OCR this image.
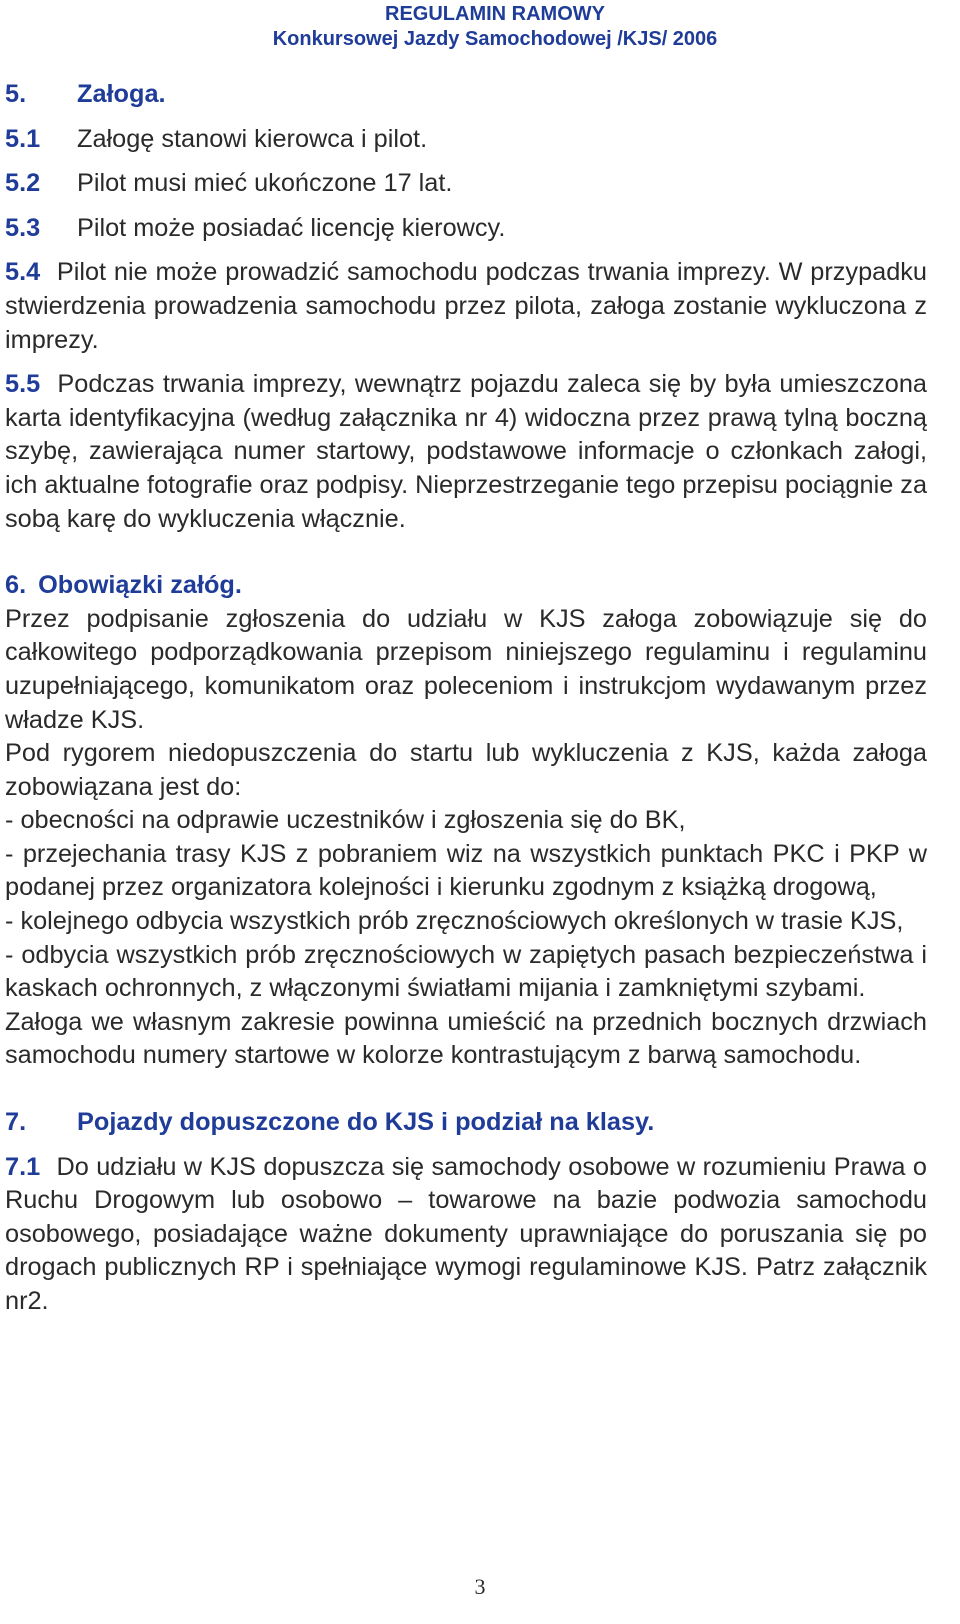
REGULAMIN RAMOWY
Konkursowej Jazdy Samochodowej /KJS/ 2006
5.	Załoga.
5.1	Załogę stanowi kierowca i pilot.
5.2	Pilot musi mieć ukończone 17 lat.
5.3	Pilot może posiadać licencję kierowcy.

5.4 Pilot nie może prowadzić samochodu podczas trwania imprezy. W przypadku stwierdzenia prowadzenia samochodu przez pilota, załoga zostanie wykluczona z imprezy.

5.5 Podczas trwania imprezy, wewnątrz pojazdu zaleca się by była umieszczona karta identyfikacyjna (według załącznika nr 4) widoczna przez prawą tylną boczną szybę, zawierająca numer startowy, podstawowe informacje o członkach załogi, ich aktualne fotografie oraz podpisy. Nieprzestrzeganie tego przepisu pociągnie za sobą karę do wykluczenia włącznie.

6. Obowiązki załóg.

Przez podpisanie zgłoszenia do udziału w KJS załoga zobowiązuje się do całkowitego podporządkowania przepisom niniejszego regulaminu i regulaminu uzupełniającego, komunikatom oraz poleceniom i instrukcjom wydawanym przez władze KJS.

Pod rygorem niedopuszczenia do startu lub wykluczenia z KJS, każda załoga zobowiązana jest do:

- obecności na odprawie uczestników i zgłoszenia się do BK,

- przejechania trasy KJS z pobraniem wiz na wszystkich punktach PKC i PKP w podanej przez organizatora kolejności i kierunku zgodnym z książką drogową,

- kolejnego odbycia wszystkich prób zręcznościowych określonych w trasie KJS,

- odbycia wszystkich prób zręcznościowych w zapiętych pasach bezpieczeństwa i kaskach ochronnych, z włączonymi światłami mijania i zamkniętymi szybami.

Załoga we własnym zakresie powinna umieścić na przednich bocznych drzwiach samochodu numery startowe w kolorze kontrastującym z barwą samochodu.

7.	Pojazdy dopuszczone do KJS i podział na klasy.

7.1 Do udziału w KJS dopuszcza się samochody osobowe w rozumieniu Prawa o Ruchu Drogowym lub osobowo – towarowe na bazie podwozia samochodu osobowego, posiadające ważne dokumenty uprawniające do poruszania się po drogach publicznych RP i spełniające wymogi regulaminowe KJS. Patrz załącznik nr2.

3
